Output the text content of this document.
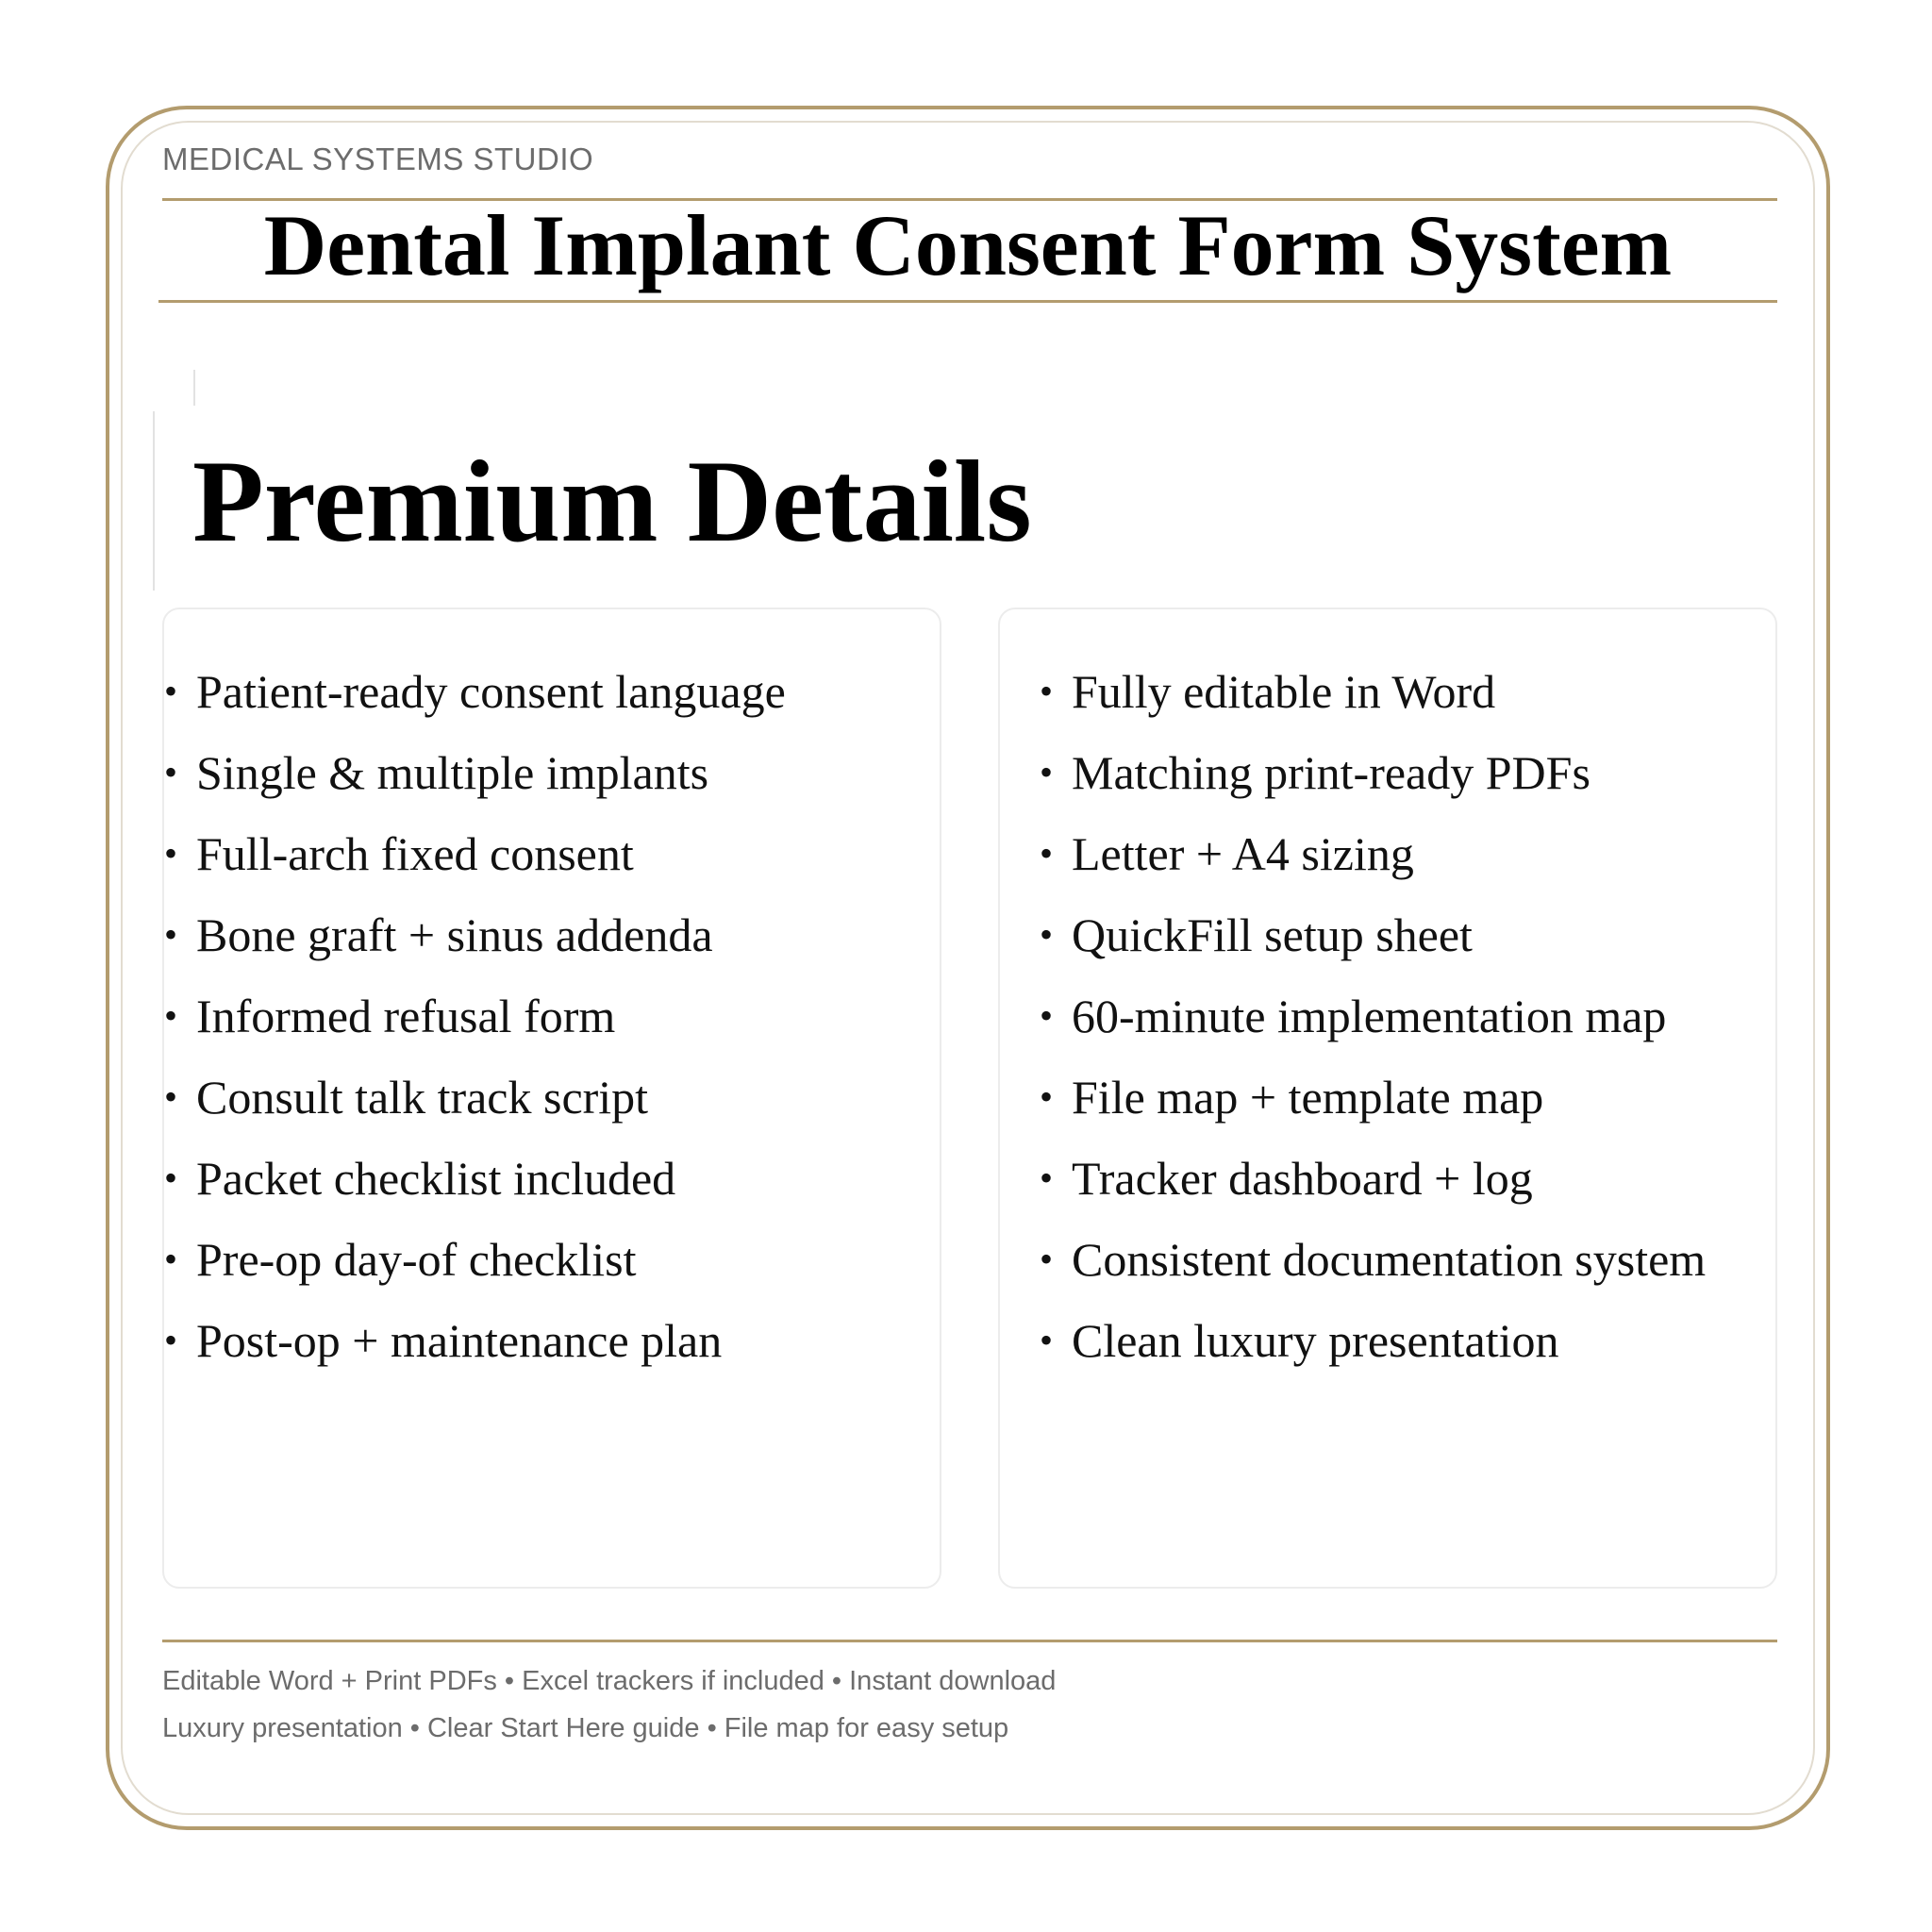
MEDICAL SYSTEMS STUDIO
Dental Implant Consent Form System
Premium Details
• Patient-ready consent language
• Single & multiple implants
• Full-arch fixed consent
• Bone graft + sinus addenda
• Informed refusal form
• Consult talk track script
• Packet checklist included
• Pre-op day-of checklist
• Post-op + maintenance plan
• Fully editable in Word
• Matching print-ready PDFs
• Letter + A4 sizing
• QuickFill setup sheet
• 60-minute implementation map
• File map + template map
• Tracker dashboard + log
• Consistent documentation system
• Clean luxury presentation
Editable Word + Print PDFs • Excel trackers if included • Instant download
Luxury presentation • Clear Start Here guide • File map for easy setup
